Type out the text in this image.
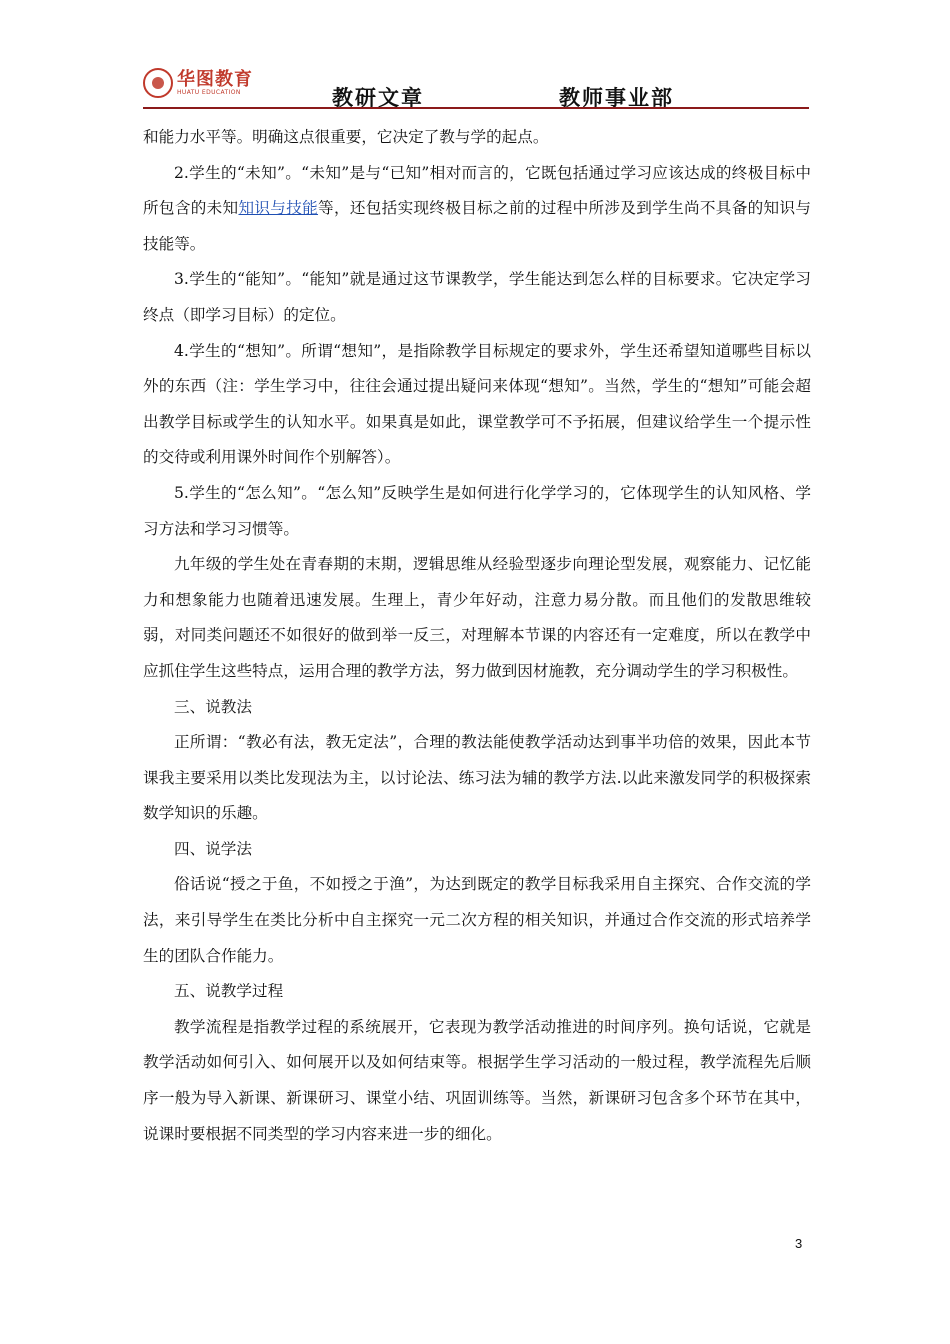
华图教育
HUATU EDUCATION	教研文章	教师事业部

和能力水平等。明确这点很重要，它决定了教与学的起点。

2.学生的“未知”。“未知”是与“已知”相对而言的，它既包括通过学习应该达成的终极目标中所包含的未知知识与技能等，还包括实现终极目标之前的过程中所涉及到学生尚不具备的知识与技能等。

3.学生的“能知”。“能知”就是通过这节课教学，学生能达到怎么样的目标要求。它决定学习终点（即学习目标）的定位。

4.学生的“想知”。所谓“想知”，是指除教学目标规定的要求外，学生还希望知道哪些目标以外的东西（注：学生学习中，往往会通过提出疑问来体现“想知”。当然，学生的“想知”可能会超出教学目标或学生的认知水平。如果真是如此，课堂教学可不予拓展，但建议给学生一个提示性的交待或利用课外时间作个别解答）。

5.学生的“怎么知”。“怎么知”反映学生是如何进行化学学习的，它体现学生的认知风格、学习方法和学习习惯等。

九年级的学生处在青春期的末期，逻辑思维从经验型逐步向理论型发展，观察能力、记忆能力和想象能力也随着迅速发展。生理上，青少年好动，注意力易分散。而且他们的发散思维较弱，对同类问题还不如很好的做到举一反三，对理解本节课的内容还有一定难度，所以在教学中应抓住学生这些特点，运用合理的教学方法，努力做到因材施教，充分调动学生的学习积极性。

三、说教法

正所谓：“教必有法，教无定法”，合理的教法能使教学活动达到事半功倍的效果，因此本节课我主要采用以类比发现法为主，以讨论法、练习法为辅的教学方法.以此来激发同学的积极探索数学知识的乐趣。

四、说学法

俗话说“授之于鱼，不如授之于渔”，为达到既定的教学目标我采用自主探究、合作交流的学法，来引导学生在类比分析中自主探究一元二次方程的相关知识，并通过合作交流的形式培养学生的团队合作能力。

五、说教学过程

教学流程是指教学过程的系统展开，它表现为教学活动推进的时间序列。换句话说，它就是教学活动如何引入、如何展开以及如何结束等。根据学生学习活动的一般过程，教学流程先后顺序一般为导入新课、新课研习、课堂小结、巩固训练等。当然，新课研习包含多个环节在其中，说课时要根据不同类型的学习内容来进一步的细化。

3
